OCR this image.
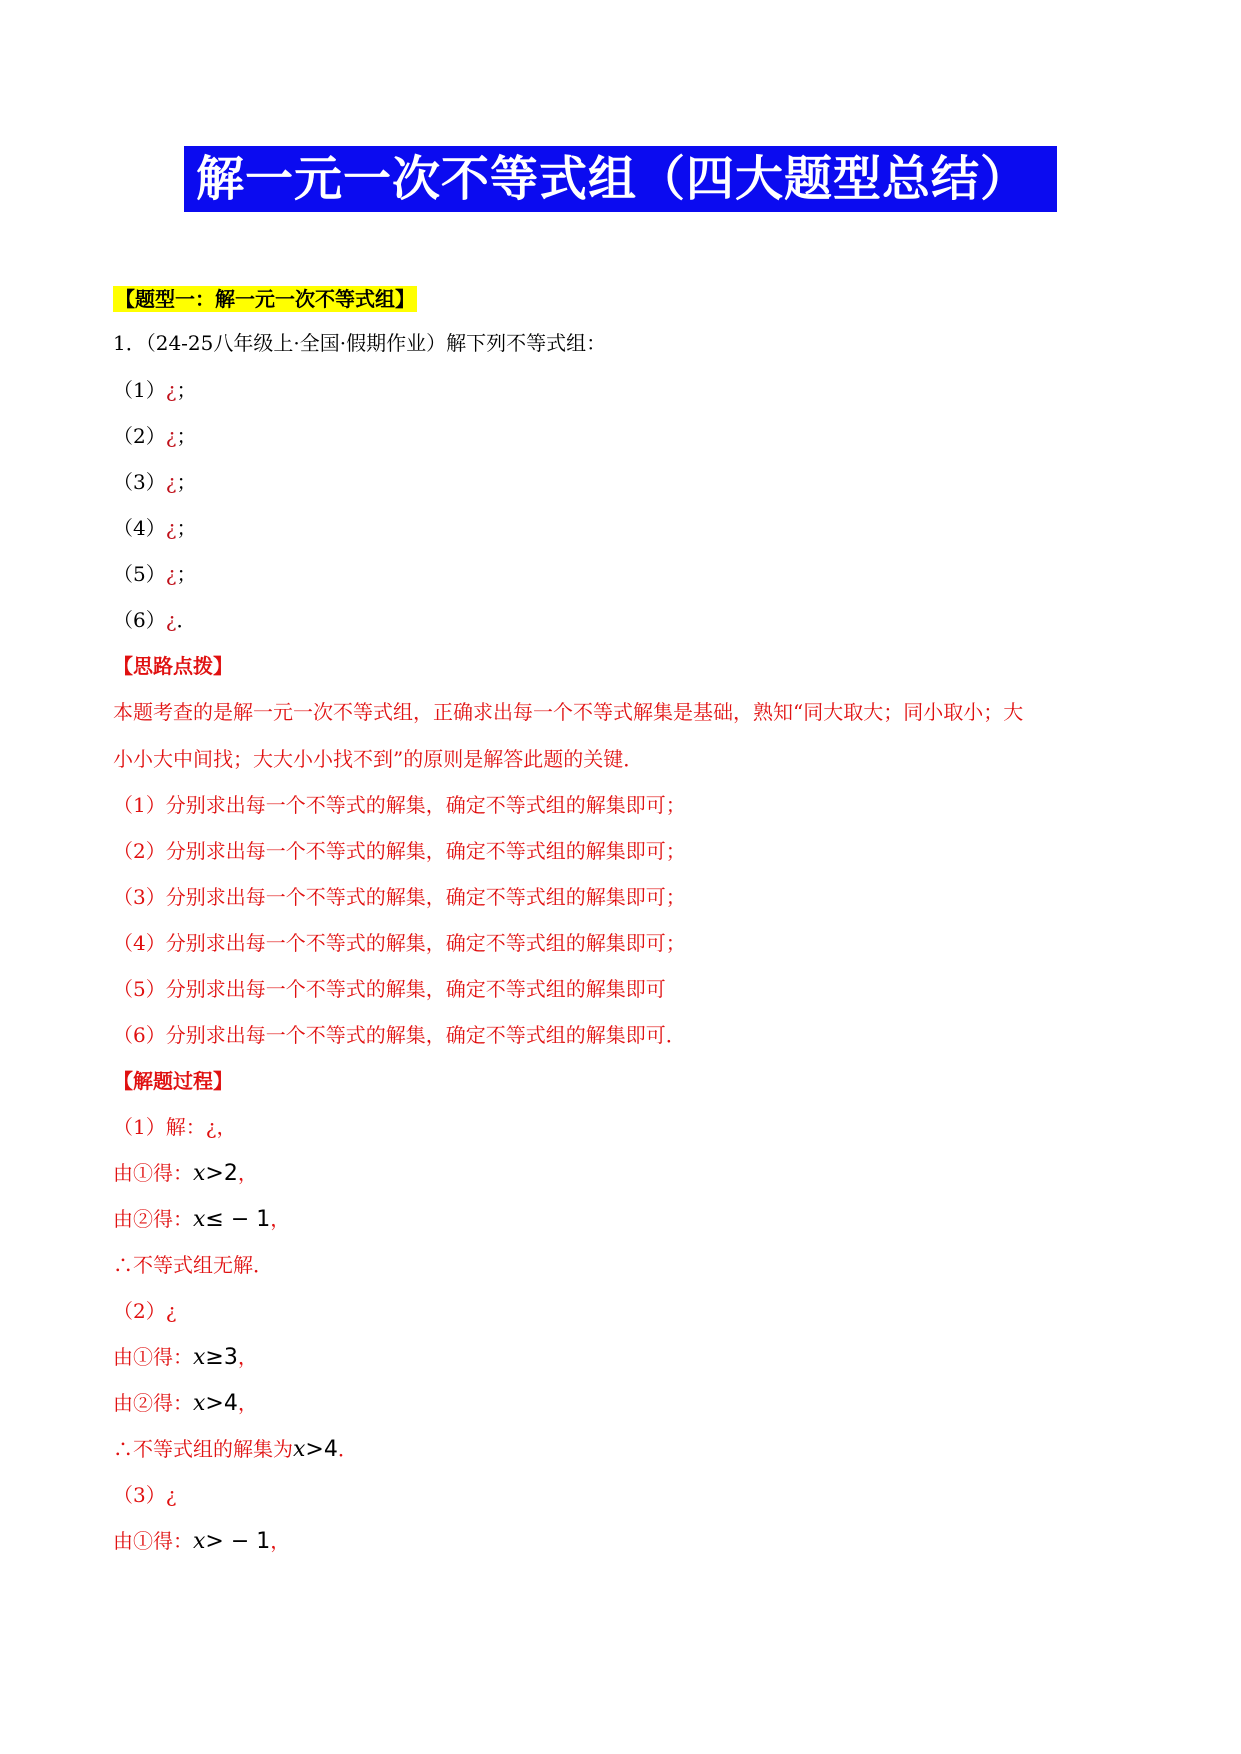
解一元一次不等式组（四大题型总结）
【题型一：解一元一次不等式组】
1．（24-25八年级上·全国·假期作业）解下列不等式组：
（1）¿；
（2）¿；
（3）¿；
（4）¿；
（5）¿；
（6）¿．
【思路点拨】
本题考查的是解一元一次不等式组，正确求出每一个不等式解集是基础，熟知“同大取大；同小取小；大
小小大中间找；大大小小找不到”的原则是解答此题的关键．
（1）分别求出每一个不等式的解集，确定不等式组的解集即可；
（2）分别求出每一个不等式的解集，确定不等式组的解集即可；
（3）分别求出每一个不等式的解集，确定不等式组的解集即可；
（4）分别求出每一个不等式的解集，确定不等式组的解集即可；
（5）分别求出每一个不等式的解集，确定不等式组的解集即可
（6）分别求出每一个不等式的解集，确定不等式组的解集即可．
【解题过程】
（1）解：¿，
由①得：x>2，
由②得：x≤ − 1，
∴不等式组无解．
（2）¿
由①得：x≥3，
由②得：x>4，
∴不等式组的解集为x>4．
（3）¿
由①得：x> − 1，
